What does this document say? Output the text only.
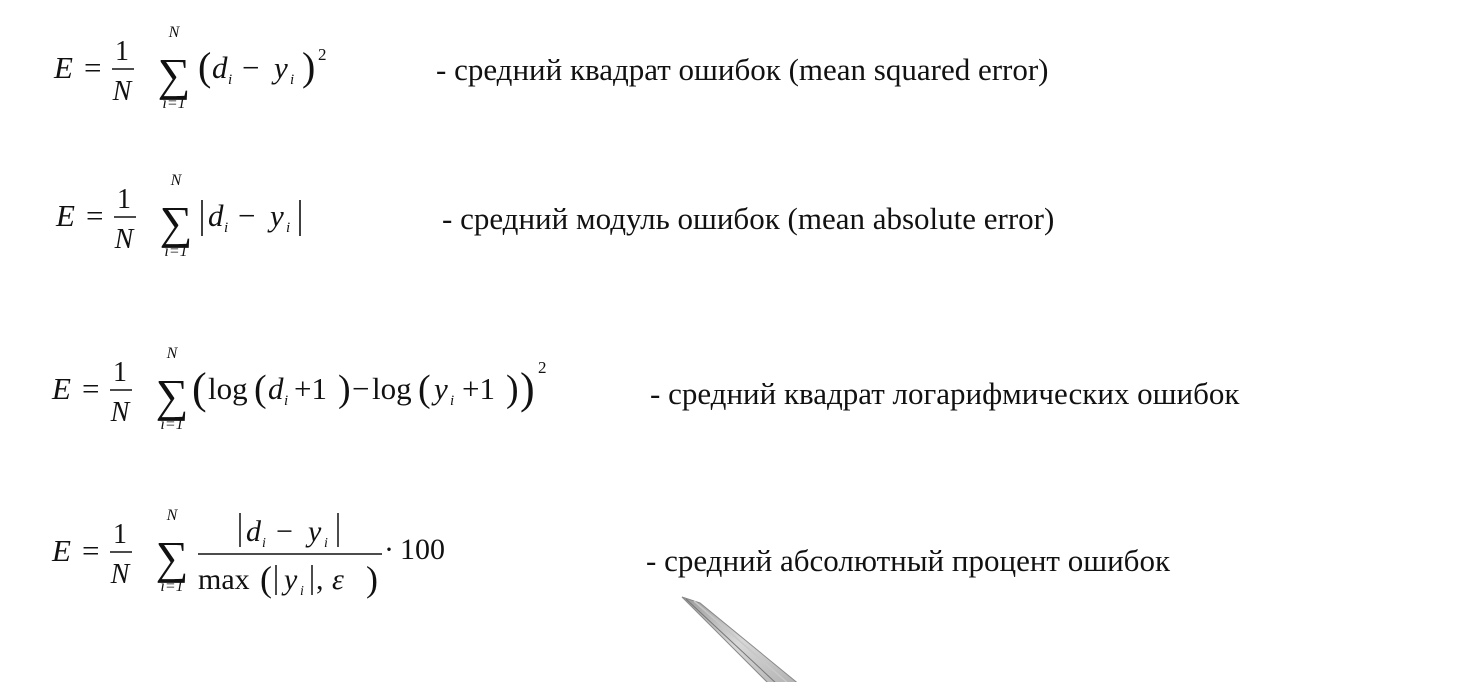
E = 1
N
N
∑
i=1
( d i − y i ) 2	- средний квадрат ошибок (mean squared error)
E = 1
N
N
∑
i=1
d i − y i	- средний модуль ошибок (mean absolute error)
E = 1
N
N
∑
i=1
( log ( d i +1 ) − log ( y i +1 ) ) 2
- средний квадрат логарифмических ошибок
E = 1
N
N
∑
i=1
d i − y i
max ( y i , ε )
· 100	- средний абсолютный процент ошибок
